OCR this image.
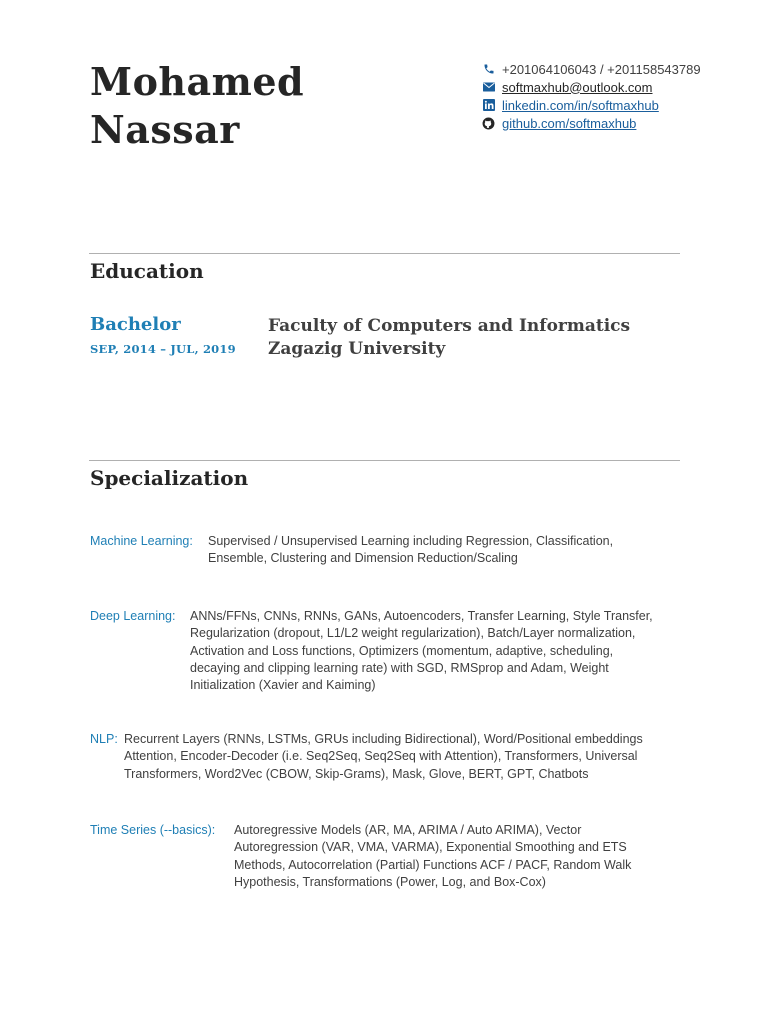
Mohamed
Nassar
+201064106043 / +201158543789
softmaxhub@outlook.com
linkedin.com/in/softmaxhub
github.com/softmaxhub
Education
Bachelor
SEP, 2014 – JUL, 2019
Faculty of Computers and Informatics
Zagazig University
Specialization
Machine Learning: Supervised / Unsupervised Learning including Regression, Classification,
Ensemble, Clustering and Dimension Reduction/Scaling
Deep Learning: ANNs/FFNs, CNNs, RNNs, GANs, Autoencoders, Transfer Learning, Style Transfer,
Regularization (dropout, L1/L2 weight regularization), Batch/Layer normalization,
Activation and Loss functions, Optimizers (momentum, adaptive, scheduling,
decaying and clipping learning rate) with SGD, RMSprop and Adam, Weight
Initialization (Xavier and Kaiming)
NLP: Recurrent Layers (RNNs, LSTMs, GRUs including Bidirectional), Word/Positional embeddings
Attention, Encoder-Decoder (i.e. Seq2Seq, Seq2Seq with Attention), Transformers, Universal
Transformers, Word2Vec (CBOW, Skip-Grams), Mask, Glove, BERT, GPT, Chatbots
Time Series (--basics): Autoregressive Models (AR, MA, ARIMA / Auto ARIMA), Vector
Autoregression (VAR, VMA, VARMA), Exponential Smoothing and ETS
Methods, Autocorrelation (Partial) Functions ACF / PACF, Random Walk
Hypothesis, Transformations (Power, Log, and Box-Cox)
